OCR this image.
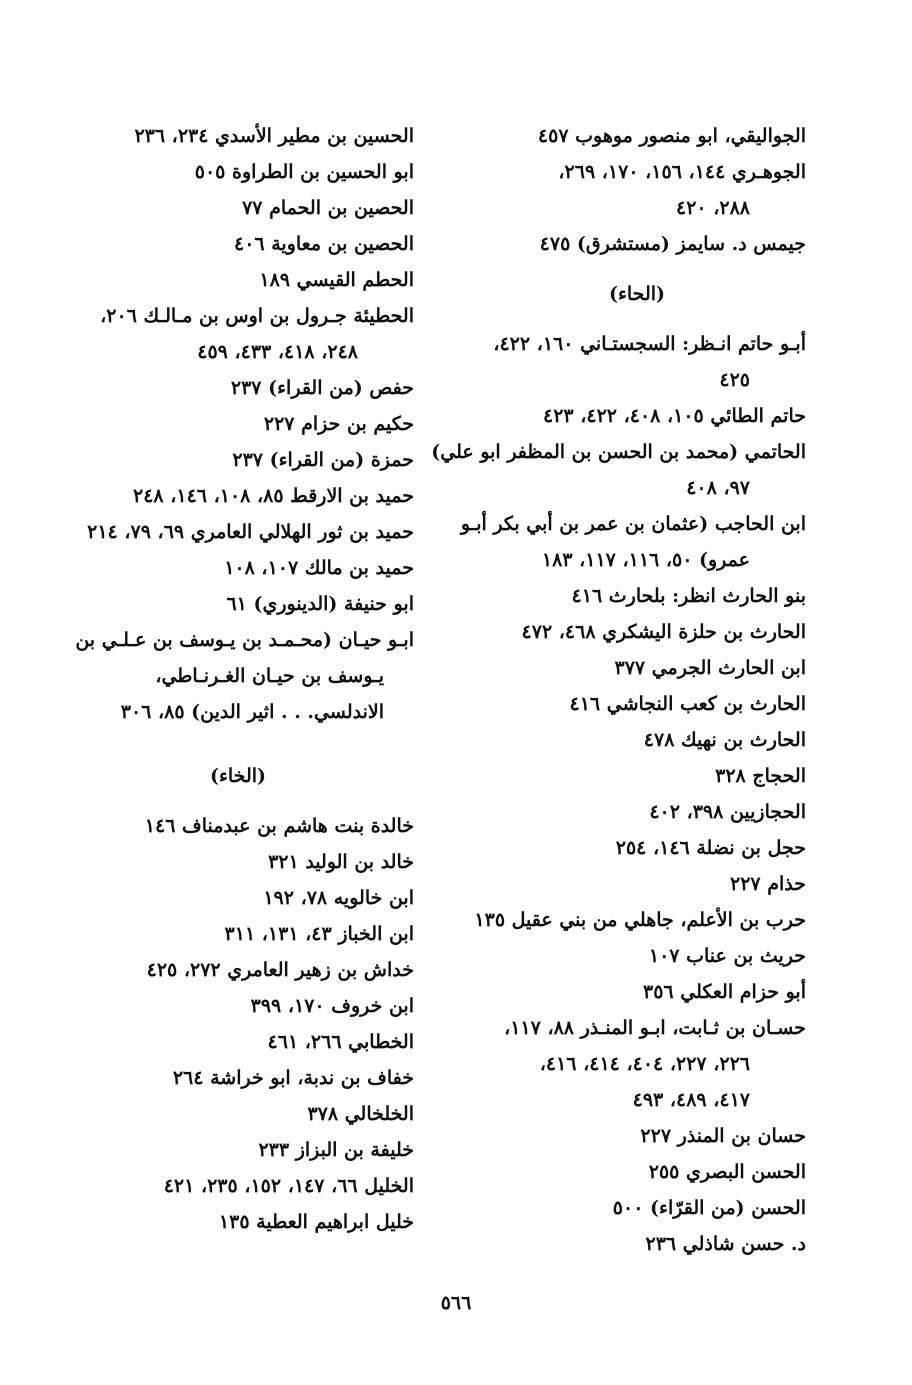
الجواليقي، ابو منصور موهوب ٤٥٧
الجوهـري ١٤٤، ١٥٦، ١٧٠، ٢٦٩،
٢٨٨، ٤٢٠
جيمس د. سايمز (مستشرق) ٤٧٥
(الحاء)
أبـو حاتم انـظر: السجستـاني ١٦٠، ٤٢٢،
٤٢٥
حاتم الطائي ١٠٥، ٤٠٨، ٤٢٢، ٤٢٣
الحاتمي (محمد بن الحسن بن المظفر ابو علي)
٩٧، ٤٠٨
ابن الحاجب (عثمان بن عمر بن أبي بكر أبـو
عمرو) ٥٠، ١١٦، ١١٧، ١٨٣
بنو الحارث انظر: بلحارث ٤١٦
الحارث بن حلزة اليشكري ٤٦٨، ٤٧٢
ابن الحارث الجرمي ٣٧٧
الحارث بن كعب النجاشي ٤١٦
الحارث بن نهيك ٤٧٨
الحجاج ٣٢٨
الحجازيين ٣٩٨، ٤٠٢
حجل بن نضلة ١٤٦، ٢٥٤
حذام ٢٢٧
حرب بن الأعلم، جاهلي من بني عقيل ١٣٥
حريث بن عناب ١٠٧
أبو حزام العكلي ٣٥٦
حسـان بن ثـابت، ابـو المنـذر ٨٨، ١١٧،
٢٢٦، ٢٢٧، ٤٠٤، ٤١٤، ٤١٦،
٤١٧، ٤٨٩، ٤٩٣
حسان بن المنذر ٢٢٧
الحسن البصري ٢٥٥
الحسن (من القرّاء) ٥٠٠
د. حسن شاذلي ٢٣٦
الحسين بن مطير الأسدي ٢٣٤، ٢٣٦
ابو الحسين بن الطراوة ٥٠٥
الحصين بن الحمام ٧٧
الحصين بن معاوية ٤٠٦
الحطم القيسي ١٨٩
الحطيئة جـرول بن اوس بن مـالـك ٢٠٦،
٢٤٨، ٤١٨، ٤٣٣، ٤٥٩
حفص (من القراء) ٢٣٧
حكيم بن حزام ٢٢٧
حمزة (من القراء) ٢٣٧
حميد بن الارقط ٨٥، ١٠٨، ١٤٦، ٢٤٨
حميد بن ثور الهلالي العامري ٦٩، ٧٩، ٢١٤
حميد بن مالك ١٠٧، ١٠٨
ابو حنيفة (الدينوري) ٦١
ابـو حيـان (محـمـد بن يـوسف بن عـلـي بن
يـوسف بن حيـان الغـرنـاطي،
الاندلسي. . . اثير الدين) ٨٥، ٣٠٦
(الخاء)
خالدة بنت هاشم بن عبدمناف ١٤٦
خالد بن الوليد ٣٢١
ابن خالويه ٧٨، ١٩٢
ابن الخباز ٤٣، ١٣١، ٣١١
خداش بن زهير العامري ٢٧٢، ٤٢٥
ابن خروف ١٧٠، ٣٩٩
الخطابي ٢٦٦، ٤٦١
خفاف بن ندبة، ابو خراشة ٢٦٤
الخلخالي ٣٧٨
خليفة بن البزاز ٢٣٣
الخليل ٦٦، ١٤٧، ١٥٢، ٢٣٥، ٤٢١
خليل ابراهيم العطية ١٣٥
٥٦٦
